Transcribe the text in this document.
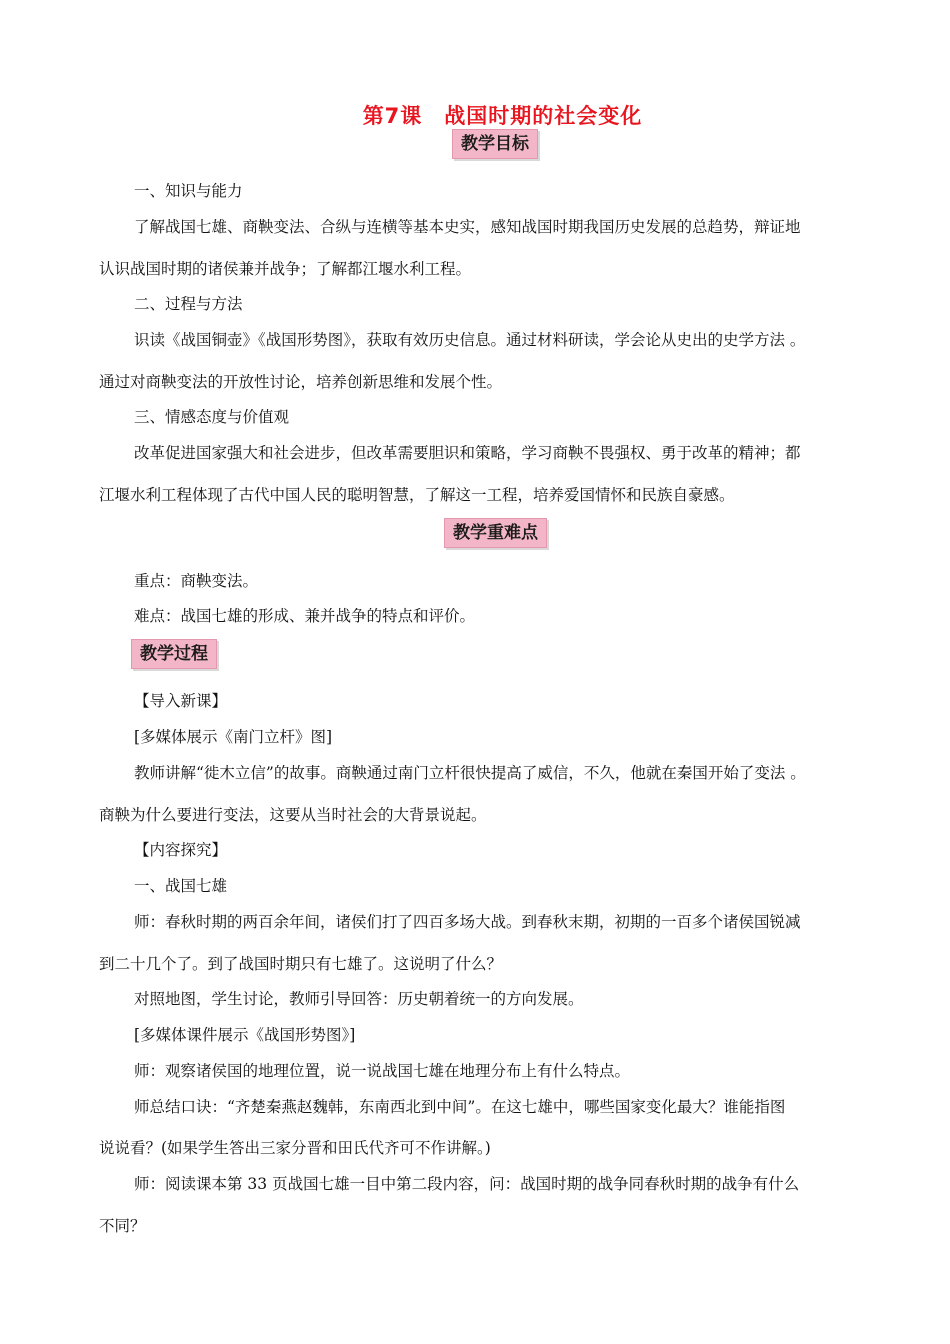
第7课　战国时期的社会变化
教学目标
一、知识与能力
了解战国七雄、商鞅变法、合纵与连横等基本史实，感知战国时期我国历史发展的总趋势，辩证地
认识战国时期的诸侯兼并战争；了解都江堰水利工程。
二、过程与方法
识读《战国铜壶》《战国形势图》，获取有效历史信息。通过材料研读，学会论从史出的史学方法 。
通过对商鞅变法的开放性讨论，培养创新思维和发展个性。
三、情感态度与价值观
改革促进国家强大和社会进步，但改革需要胆识和策略，学习商鞅不畏强权、勇于改革的精神；都
江堰水利工程体现了古代中国人民的聪明智慧，了解这一工程，培养爱国情怀和民族自豪感。
教学重难点
重点：商鞅变法。
难点：战国七雄的形成、兼并战争的特点和评价。
教学过程
【导入新课】
[多媒体展示《南门立杆》图]
教师讲解“徙木立信”的故事。商鞅通过南门立杆很快提高了威信，不久，他就在秦国开始了变法 。
商鞅为什么要进行变法，这要从当时社会的大背景说起。
【内容探究】
一、战国七雄
师：春秋时期的两百余年间，诸侯们打了四百多场大战。到春秋末期，初期的一百多个诸侯国锐减
到二十几个了。到了战国时期只有七雄了。这说明了什么？
对照地图，学生讨论，教师引导回答：历史朝着统一的方向发展。
[多媒体课件展示《战国形势图》]
师：观察诸侯国的地理位置，说一说战国七雄在地理分布上有什么特点。
师总结口诀：“齐楚秦燕赵魏韩，东南西北到中间”。在这七雄中，哪些国家变化最大？谁能指图
说说看？(如果学生答出三家分晋和田氏代齐可不作讲解。)
师：阅读课本第 33 页战国七雄一目中第二段内容，问：战国时期的战争同春秋时期的战争有什么
不同？
